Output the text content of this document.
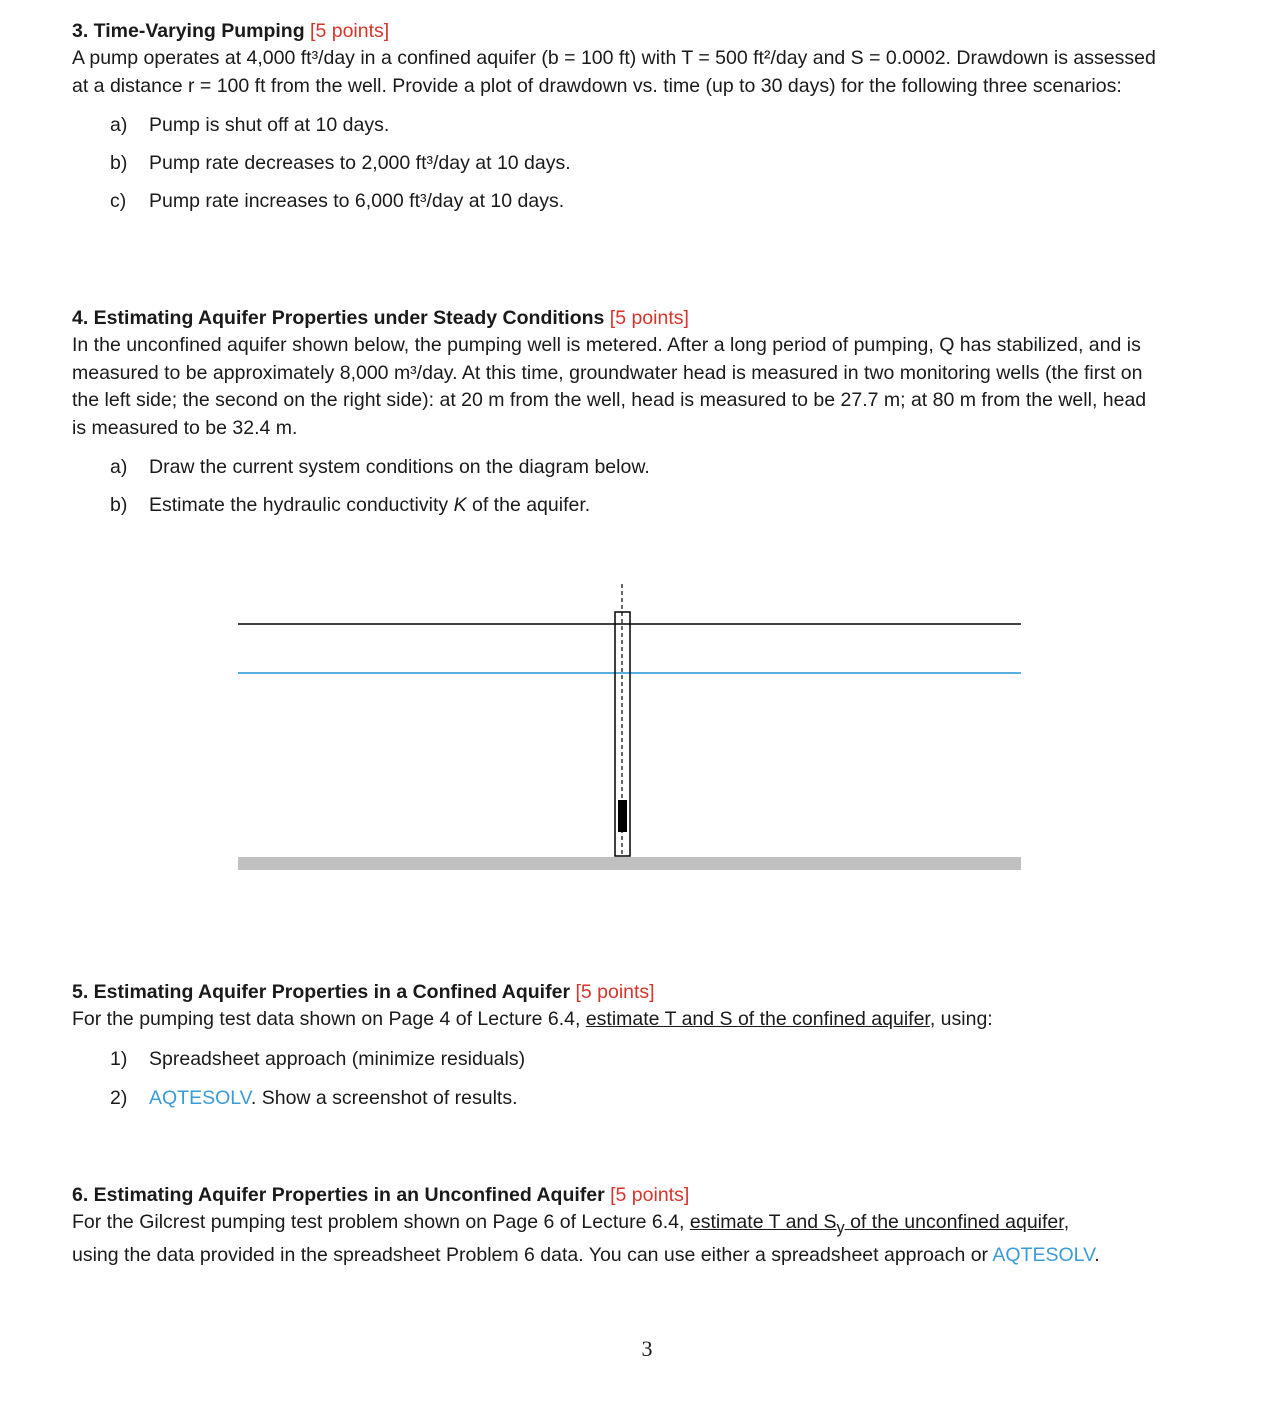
3. Time-Varying Pumping [5 points]
A pump operates at 4,000 ft³/day in a confined aquifer (b = 100 ft) with T = 500 ft²/day and S = 0.0002. Drawdown is assessed
at a distance r = 100 ft from the well. Provide a plot of drawdown vs. time (up to 30 days) for the following three scenarios:
a) Pump is shut off at 10 days.
b) Pump rate decreases to 2,000 ft³/day at 10 days.
c) Pump rate increases to 6,000 ft³/day at 10 days.
4. Estimating Aquifer Properties under Steady Conditions [5 points]
In the unconfined aquifer shown below, the pumping well is metered. After a long period of pumping, Q has stabilized, and is
measured to be approximately 8,000 m³/day. At this time, groundwater head is measured in two monitoring wells (the first on
the left side; the second on the right side): at 20 m from the well, head is measured to be 27.7 m; at 80 m from the well, head
is measured to be 32.4 m.
a) Draw the current system conditions on the diagram below.
b) Estimate the hydraulic conductivity K of the aquifer.
5. Estimating Aquifer Properties in a Confined Aquifer [5 points]
For the pumping test data shown on Page 4 of Lecture 6.4, estimate T and S of the confined aquifer, using:
1) Spreadsheet approach (minimize residuals)
2) AQTESOLV. Show a screenshot of results.
6. Estimating Aquifer Properties in an Unconfined Aquifer [5 points]
For the Gilcrest pumping test problem shown on Page 6 of Lecture 6.4, estimate T and $S_y$ of the unconfined aquifer,
using the data provided in the spreadsheet Problem 6 data. You can use either a spreadsheet approach or AQTESOLV.
3
